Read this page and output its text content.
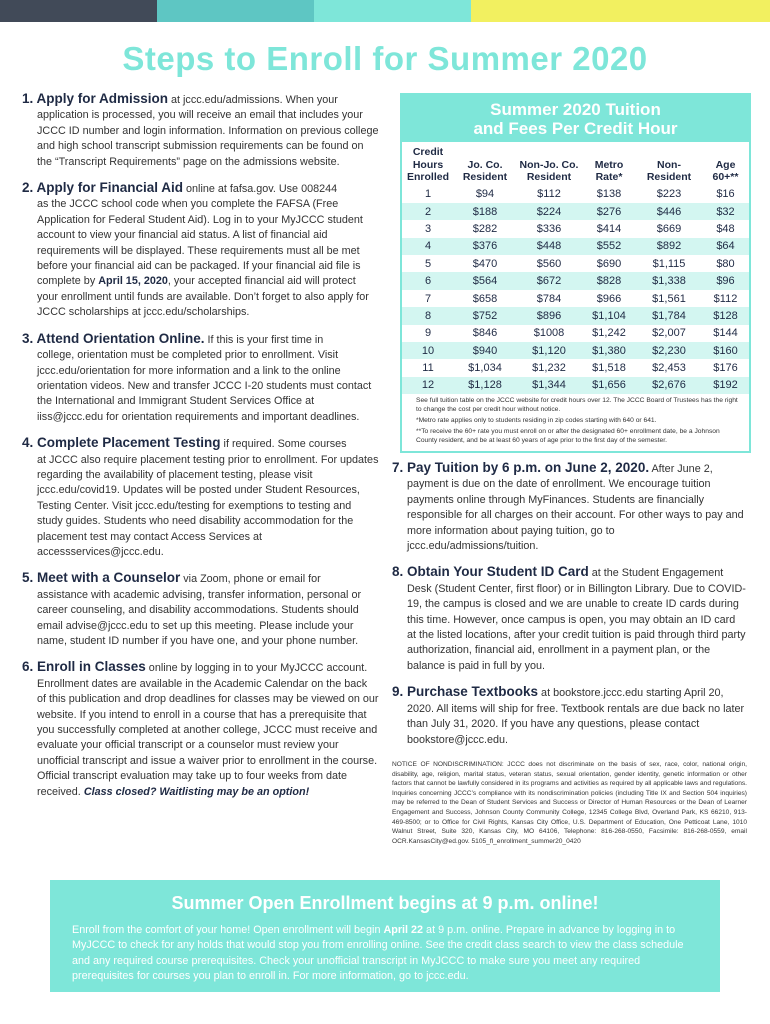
Steps to Enroll for Summer 2020
1. Apply for Admission at jccc.edu/admissions. When your
application is processed, you will receive an email that includes your JCCC ID number and login information. Information on previous college and high school transcript submission requirements can be found on the “Transcript Requirements” page on the admissions website.
2. Apply for Financial Aid online at fafsa.gov. Use 008244
as the JCCC school code when you complete the FAFSA (Free Application for Federal Student Aid). Log in to your MyJCCC student account to view your financial aid status. A list of financial aid requirements will be displayed. These requirements must all be met before your financial aid can be packaged. If your financial aid file is complete by April 15, 2020, your accepted financial aid will protect your enrollment until funds are available. Don’t forget to also apply for JCCC scholarships at jccc.edu/scholarships.
3. Attend Orientation Online. If this is your first time in
college, orientation must be completed prior to enrollment. Visit jccc.edu/orientation for more information and a link to the online orientation videos. New and transfer JCCC I-20 students must contact the International and Immigrant Student Services Office at iiss@jccc.edu for orientation requirements and important deadlines.
4. Complete Placement Testing if required. Some courses
at JCCC also require placement testing prior to enrollment. For updates regarding the availability of placement testing, please visit jccc.edu/covid19. Updates will be posted under Student Resources, Testing Center. Visit jccc.edu/testing for exemptions to testing and study guides. Students who need disability accommodation for the placement test may contact Access Services at accessservices@jccc.edu.
5. Meet with a Counselor via Zoom, phone or email for
assistance with academic advising, transfer information, personal or career counseling, and disability accommodations. Students should email advise@jccc.edu to set up this meeting. Please include your name, student ID number if you have one, and your phone number.
6. Enroll in Classes online by logging in to your MyJCCC account.
Enrollment dates are available in the Academic Calendar on the back of this publication and drop deadlines for classes may be viewed on our website. If you intend to enroll in a course that has a prerequisite that you successfully completed at another college, JCCC must receive and evaluate your official transcript or a counselor must review your unofficial transcript and issue a waiver prior to enrollment in the course. Official transcript evaluation may take up to four weeks from date received. Class closed? Waitlisting may be an option!
Summer 2020 Tuition
and Fees Per Credit Hour
Credit Hours Enrolled	Jo. Co. Resident	Non-Jo. Co. Resident	Metro Rate*	Non-Resident	Age 60+**
1	$94	$112	$138	$223	$16
2	$188	$224	$276	$446	$32
3	$282	$336	$414	$669	$48
4	$376	$448	$552	$892	$64
5	$470	$560	$690	$1,115	$80
6	$564	$672	$828	$1,338	$96
7	$658	$784	$966	$1,561	$112
8	$752	$896	$1,104	$1,784	$128
9	$846	$1008	$1,242	$2,007	$144
10	$940	$1,120	$1,380	$2,230	$160
11	$1,034	$1,232	$1,518	$2,453	$176
12	$1,128	$1,344	$1,656	$2,676	$192
See full tuition table on the JCCC website for credit hours over 12. The JCCC Board of Trustees has the right to change the cost per credit hour without notice.
*Metro rate applies only to students residing in zip codes starting with 640 or 641.
**To receive the 60+ rate you must enroll on or after the designated 60+ enrollment date, be a Johnson County resident, and be at least 60 years of age prior to the first day of the semester.
7. Pay Tuition by 6 p.m. on June 2, 2020. After June 2,
payment is due on the date of enrollment. We encourage tuition payments online through MyFinances. Students are financially responsible for all charges on their account. For other ways to pay and more information about paying tuition, go to jccc.edu/admissions/tuition.
8. Obtain Your Student ID Card at the Student Engagement
Desk (Student Center, first floor) or in Billington Library. Due to COVID-19, the campus is closed and we are unable to create ID cards during this time. However, once campus is open, you may obtain an ID card at the listed locations, after your credit tuition is paid through third party authorization, financial aid, enrollment in a payment plan, or the balance is paid in full by you.
9. Purchase Textbooks at bookstore.jccc.edu starting April 20,
2020. All items will ship for free. Textbook rentals are due back no later than July 31, 2020. If you have any questions, please contact bookstore@jccc.edu.
NOTICE OF NONDISCRIMINATION: JCCC does not discriminate on the basis of sex, race, color, national origin, disability, age, religion, marital status, veteran status, sexual orientation, gender identity, genetic information or other factors that cannot be lawfully considered in its programs and activities as required by all applicable laws and regulations. Inquiries concerning JCCC’s compliance with its nondiscrimination policies (including Title IX and Section 504 inquiries) may be referred to the Dean of Student Services and Success or Director of Human Resources or the Dean of Learner Engagement and Success, Johnson County Community College, 12345 College Blvd, Overland Park, KS 66210, 913-469-8500; or to Office for Civil Rights, Kansas City Office, U.S. Department of Education, One Petticoat Lane, 1010 Walnut Street, Suite 320, Kansas City, MO 64106, Telephone: 816-268-0550, Facsimile: 816-268-0559, email OCR.KansasCity@ed.gov. 5105_fl_enrollment_summer20_0420
Summer Open Enrollment begins at 9 p.m. online!
Enroll from the comfort of your home! Open enrollment will begin April 22 at 9 p.m. online. Prepare in advance by logging in to MyJCCC to check for any holds that would stop you from enrolling online. See the credit class search to view the class schedule and any required course prerequisites. Check your unofficial transcript in MyJCCC to make sure you meet any required prerequisites for courses you plan to enroll in. For more information, go to jccc.edu.
